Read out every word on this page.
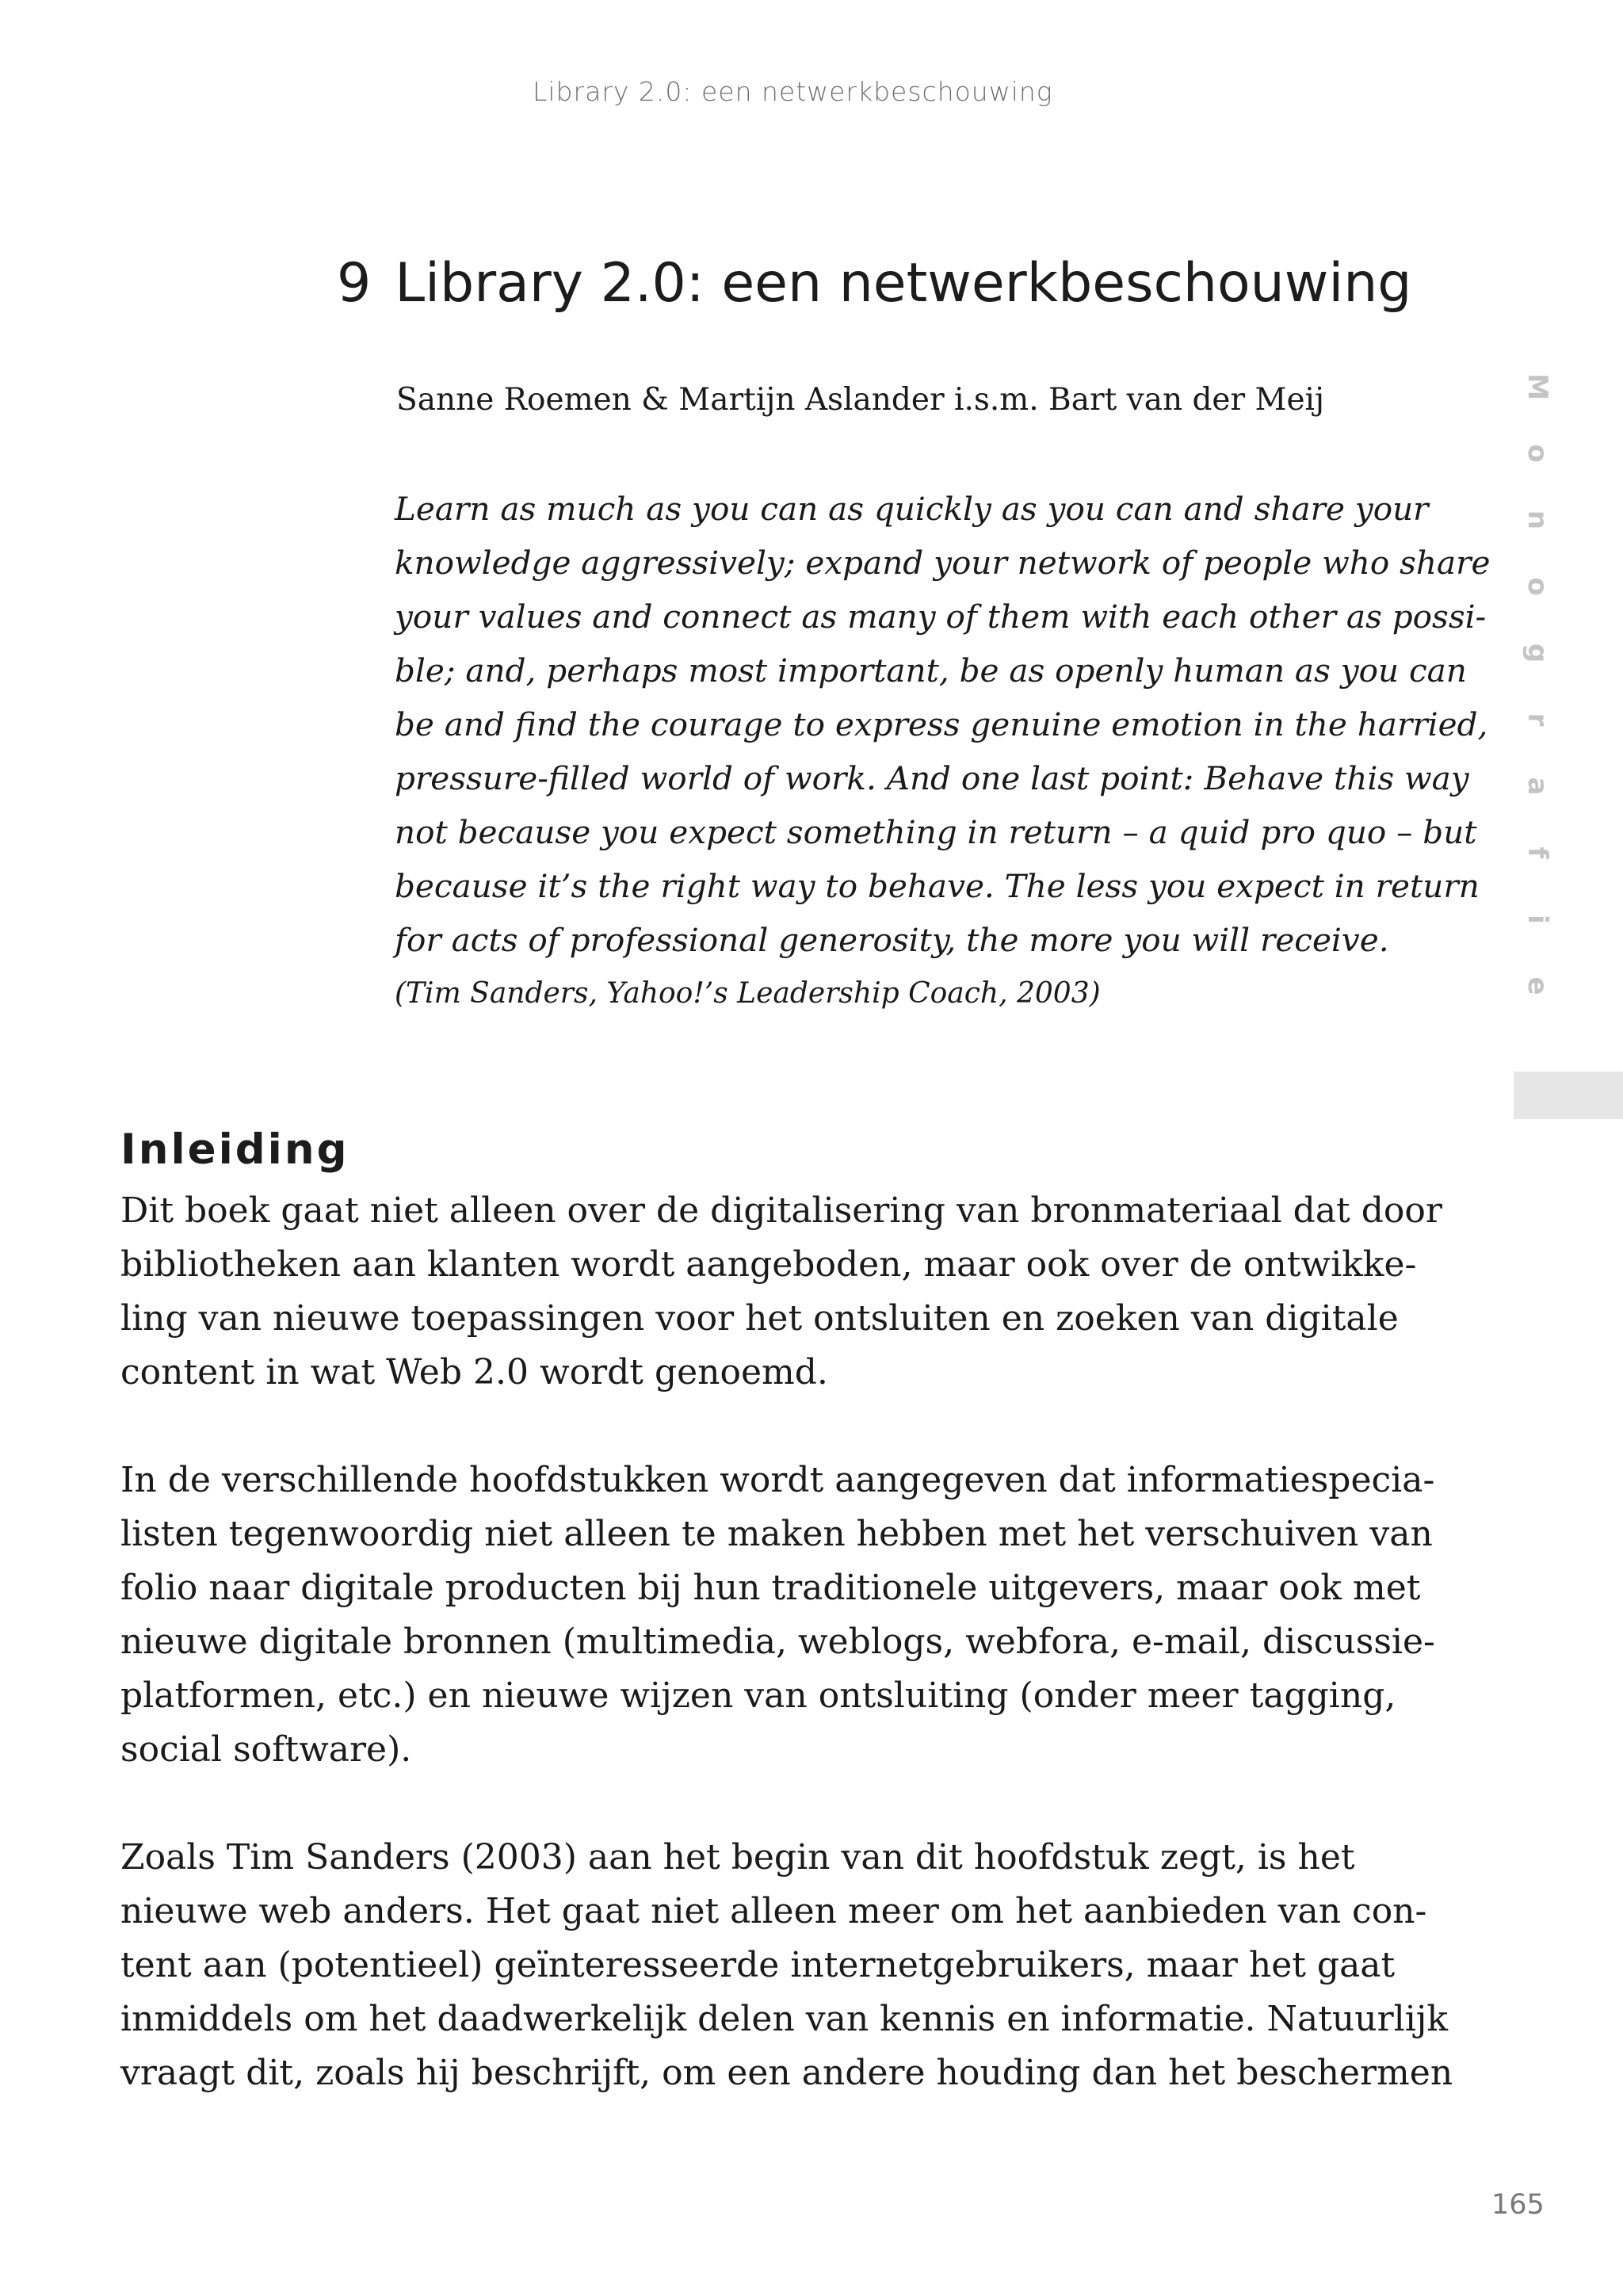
Library 2.0: een netwerkbeschouwing
9 Library 2.0: een netwerkbeschouwing
Sanne Roemen & Martijn Aslander i.s.m. Bart van der Meij
Learn as much as you can as quickly as you can and share your
knowledge aggressively; expand your network of people who share
your values and connect as many of them with each other as possi-
ble; and, perhaps most important, be as openly human as you can
be and find the courage to express genuine emotion in the harried,
pressure-filled world of work. And one last point: Behave this way
not because you expect something in return – a quid pro quo – but
because it’s the right way to behave. The less you expect in return
for acts of professional generosity, the more you will receive.
(Tim Sanders, Yahoo!’s Leadership Coach, 2003)
M
o
n
o
g
r
a
f
i
e
Inleiding

Dit boek gaat niet alleen over de digitalisering van bronmateriaal dat door
bibliotheken aan klanten wordt aangeboden, maar ook over de ontwikke-
ling van nieuwe toepassingen voor het ontsluiten en zoeken van digitale
content in wat Web 2.0 wordt genoemd.

In de verschillende hoofdstukken wordt aangegeven dat informatiespecia-
listen tegenwoordig niet alleen te maken hebben met het verschuiven van
folio naar digitale producten bij hun traditionele uitgevers, maar ook met
nieuwe digitale bronnen (multimedia, weblogs, webfora, e-mail, discussie-
platformen, etc.) en nieuwe wijzen van ontsluiting (onder meer tagging,
social software).

Zoals Tim Sanders (2003) aan het begin van dit hoofdstuk zegt, is het
nieuwe web anders. Het gaat niet alleen meer om het aanbieden van con-
tent aan (potentieel) geïnteresseerde internetgebruikers, maar het gaat
inmiddels om het daadwerkelijk delen van kennis en informatie. Natuurlijk
vraagt dit, zoals hij beschrijft, om een andere houding dan het beschermen

165
